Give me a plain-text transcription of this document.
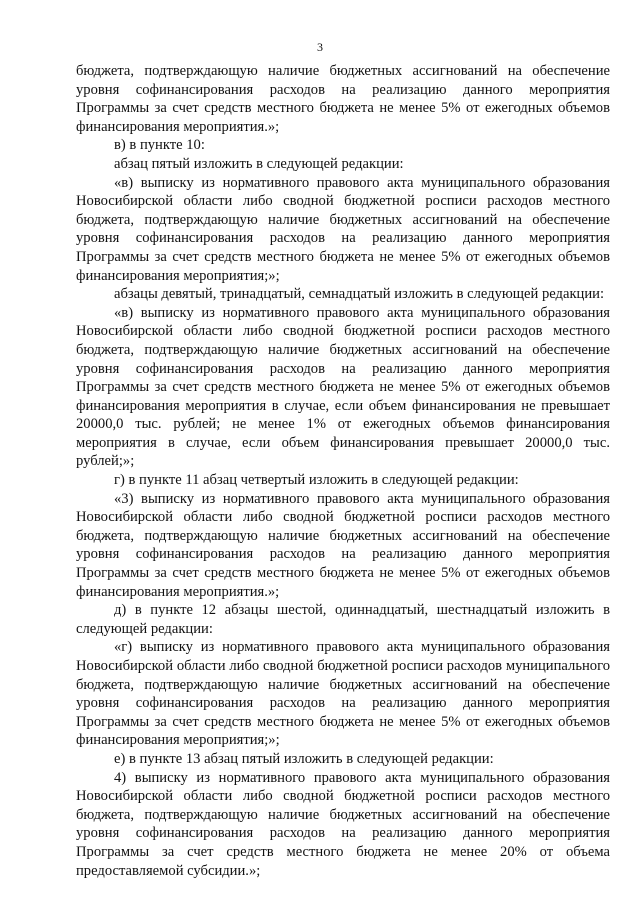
3

бюджета, подтверждающую наличие бюджетных ассигнований на обеспечение уровня софинансирования расходов на реализацию данного мероприятия Программы за счет средств местного бюджета не менее 5% от ежегодных объемов финансирования мероприятия.»;

в) в пункте 10:

абзац пятый изложить в следующей редакции:

«в) выписку из нормативного правового акта муниципального образования Новосибирской области либо сводной бюджетной росписи расходов местного бюджета, подтверждающую наличие бюджетных ассигнований на обеспечение уровня софинансирования расходов на реализацию данного мероприятия Программы за счет средств местного бюджета не менее 5% от ежегодных объемов финансирования мероприятия;»;

абзацы девятый, тринадцатый, семнадцатый изложить в следующей редакции:

«в) выписку из нормативного правового акта муниципального образования Новосибирской области либо сводной бюджетной росписи расходов местного бюджета, подтверждающую наличие бюджетных ассигнований на обеспечение уровня софинансирования расходов на реализацию данного мероприятия Программы за счет средств местного бюджета не менее 5% от ежегодных объемов финансирования мероприятия в случае, если объем финансирования не превышает 20000,0 тыс. рублей; не менее 1% от ежегодных объемов финансирования мероприятия в случае, если объем финансирования превышает 20000,0 тыс. рублей;»;

г) в пункте 11 абзац четвертый изложить в следующей редакции:

«3) выписку из нормативного правового акта муниципального образования Новосибирской области либо сводной бюджетной росписи расходов местного бюджета, подтверждающую наличие бюджетных ассигнований на обеспечение уровня софинансирования расходов на реализацию данного мероприятия Программы за счет средств местного бюджета не менее 5% от ежегодных объемов финансирования мероприятия.»;

д) в пункте 12 абзацы шестой, одиннадцатый, шестнадцатый изложить в следующей редакции:

«г) выписку из нормативного правового акта муниципального образования Новосибирской области либо сводной бюджетной росписи расходов муниципального бюджета, подтверждающую наличие бюджетных ассигнований на обеспечение уровня софинансирования расходов на реализацию данного мероприятия Программы за счет средств местного бюджета не менее 5% от ежегодных объемов финансирования мероприятия;»;

е) в пункте 13 абзац пятый изложить в следующей редакции:

4) выписку из нормативного правового акта муниципального образования Новосибирской области либо сводной бюджетной росписи расходов местного бюджета, подтверждающую наличие бюджетных ассигнований на обеспечение уровня софинансирования расходов на реализацию данного мероприятия Программы за счет средств местного бюджета не менее 20% от объема предоставляемой субсидии.»;
